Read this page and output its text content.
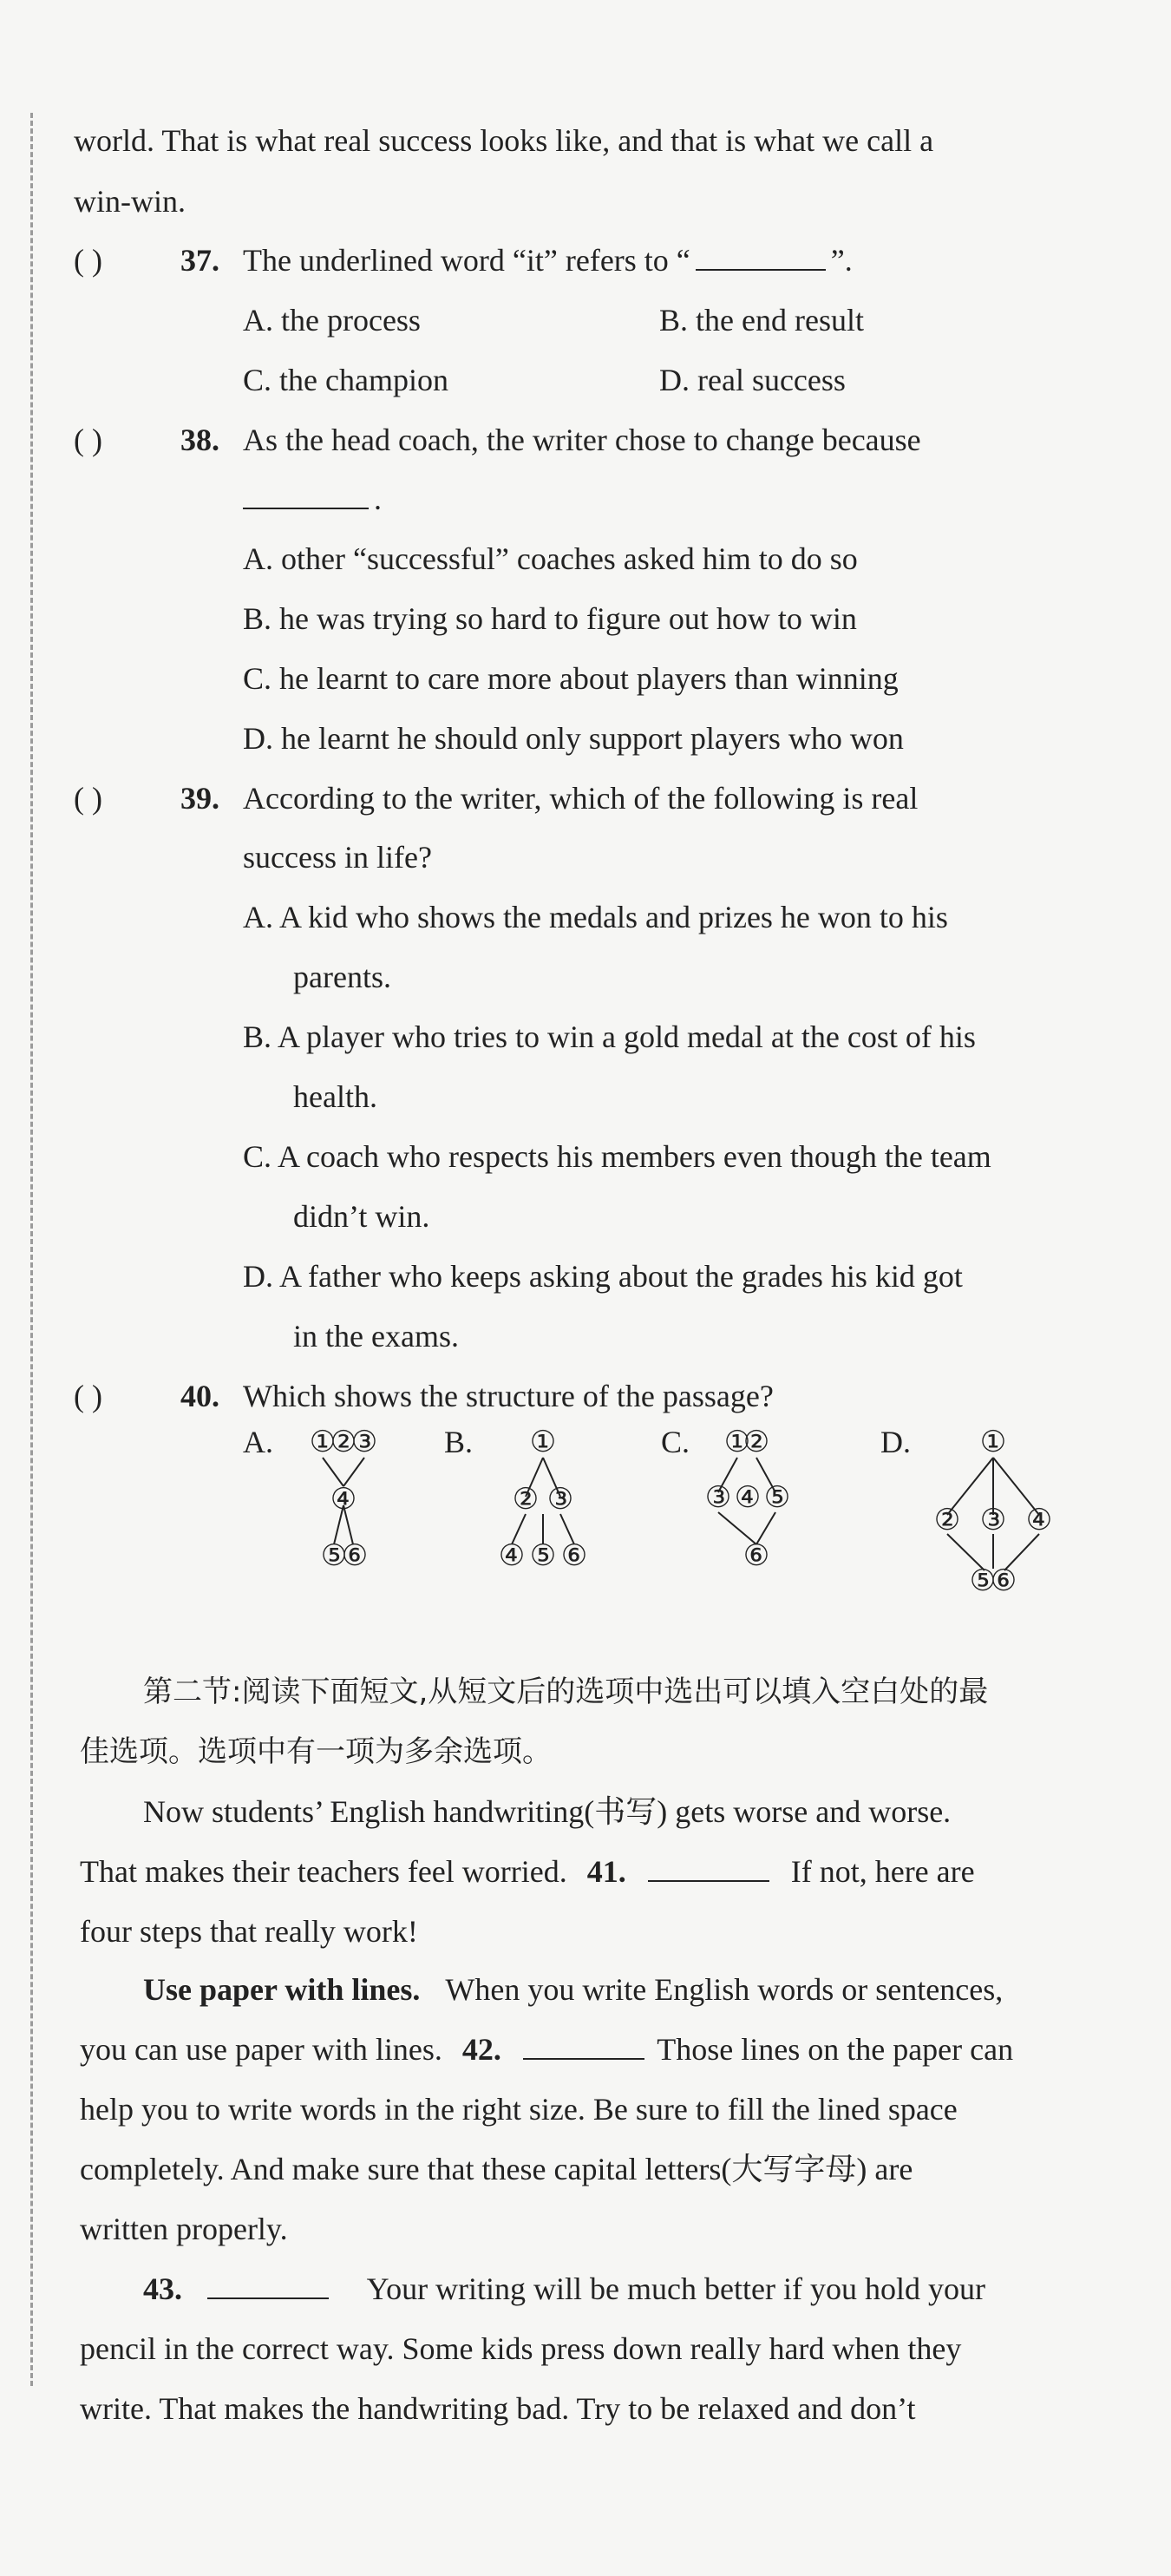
world. That is what real success looks like, and that is what we call a
win-win.
( )	37. The underlined word “it” refers to “	”.
A. the process	B. the end result
C. the champion	D. real success
( )	38. As the head coach, the writer chose to change because
.
A. other “successful” coaches asked him to do so
B. he was trying so hard to figure out how to win
C. he learnt to care more about players than winning
D. he learnt he should only support players who won
( )	39. According to the writer, which of the following is real
success in life?
A. A kid who shows the medals and prizes he won to his
parents.
B. A player who tries to win a gold medal at the cost of his
health.
C. A coach who respects his members even though the team
didn’t win.
D. A father who keeps asking about the grades his kid got
in the exams.
( )	40. Which shows the structure of the passage?
A.	B.	C.	D.
①
②
③
④
⑤
⑥
①
② ③
④ ⑤ ⑥
①
②
③ ④ ⑤
⑥
①
② ③ ④
⑤
⑥
第二节:阅读下面短文,从短文后的选项中选出可以填入空白处的最
佳选项。选项中有一项为多余选项。
Now students’ English handwriting(书写) gets worse and worse.
That makes their teachers feel worried. 41.	If not, here are
four steps that really work!
Use paper with lines. When you write English words or sentences,
you can use paper with lines. 42.	Those lines on the paper can
help you to write words in the right size. Be sure to fill the lined space
completely. And make sure that these capital letters(大写字母) are
written properly.
43.	Your writing will be much better if you hold your
pencil in the correct way. Some kids press down really hard when they
write. That makes the handwriting bad. Try to be relaxed and don’t
